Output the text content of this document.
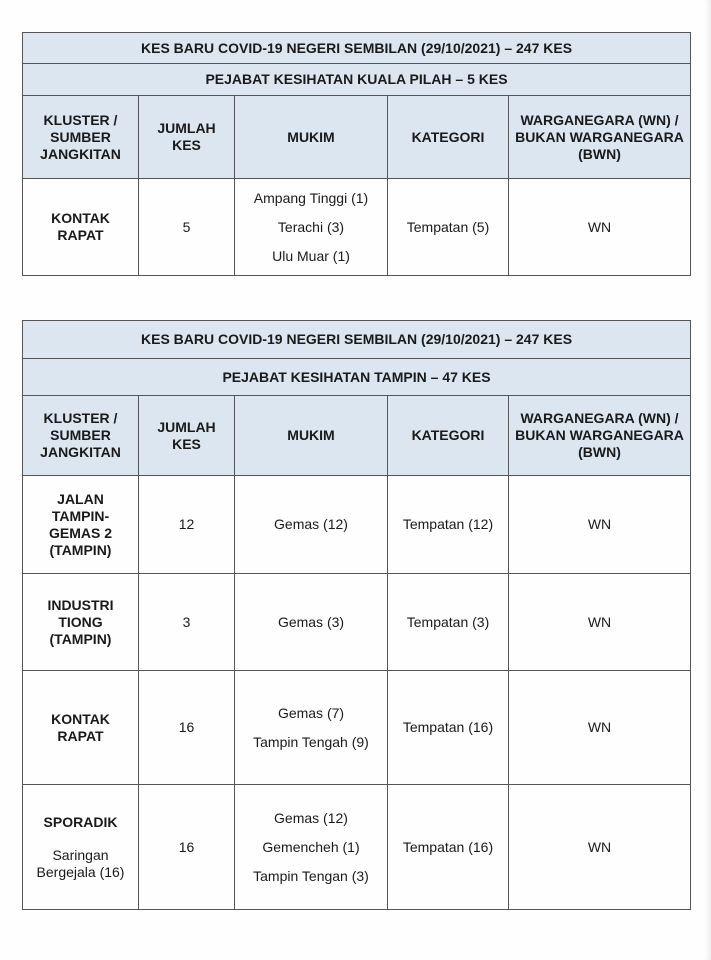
KES BARU COVID-19 NEGERI SEMBILAN (29/10/2021) – 247 KES				
PEJABAT KESIHATAN KUALA PILAH – 5 KES				
KLUSTER / SUMBER JANGKITAN	JUMLAH KES	MUKIM	KATEGORI	WARGANEGARA (WN) / BUKAN WARGANEGARA (BWN)
KONTAK RAPAT	5	Ampang Tinggi (1)
Terachi (3)
Ulu Muar (1)	Tempatan (5)	WN
KES BARU COVID-19 NEGERI SEMBILAN (29/10/2021) – 247 KES				
PEJABAT KESIHATAN TAMPIN – 47 KES				
KLUSTER / SUMBER JANGKITAN	JUMLAH KES	MUKIM	KATEGORI	WARGANEGARA (WN) / BUKAN WARGANEGARA (BWN)
JALAN TAMPIN-GEMAS 2 (TAMPIN)	12	Gemas (12)	Tempatan (12)	WN
INDUSTRI TIONG (TAMPIN)	3	Gemas (3)	Tempatan (3)	WN
KONTAK RAPAT	16	Gemas (7)
Tampin Tengah (9)	Tempatan (16)	WN

SPORADIK
Saringan Bergejala (16)	16	Gemas (12)
Gemencheh (1)
Tampin Tengan (3)	Tempatan (16)	WN
